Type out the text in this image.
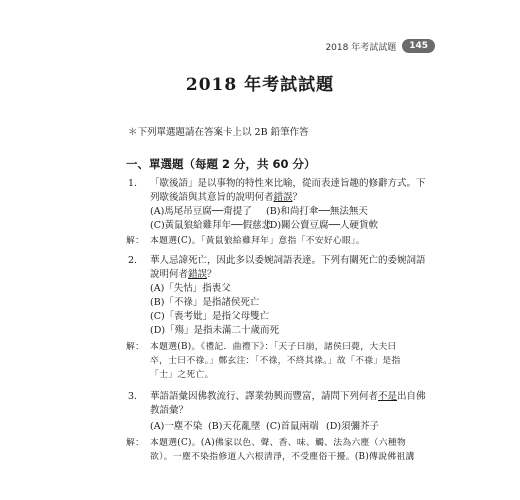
2018 年考試試題	145
2018 年考試試題
＊下列單選題請在答案卡上以 2B 鉛筆作答
一、單選題（每題 2 分，共 60 分）
1. 「歇後語」是以事物的特性來比喻，從而表達旨趣的修辭方式。下
列歇後語與其意旨的說明何者錯誤？
(A)馬尾吊豆腐──甭提了 (B)和尚打傘──無法無天
(C)黃鼠狼給雞拜年──假慈悲
(D)關公賣豆腐──人硬貨軟
解： 本題選(C)。「黃鼠狼給雞拜年」意指「不安好心眼」。
2. 華人忌諱死亡，因此多以委婉詞語表達。下列有關死亡的委婉詞語
說明何者錯誤？
(A)「失怙」指喪父
(B)「不祿」是指諸侯死亡
(C)「喪考妣」是指父母雙亡
(D)「殤」是指未滿二十歲而死
解： 本題選(B)。《禮記．曲禮下》：「天子曰崩，諸侯曰薨，大夫曰
卒，士曰不祿。」鄭玄注：「不祿，不終其祿。」故「不祿」是指
「士」之死亡。
3. 華語語彙因佛教流行、譯業勃興而豐富，請問下列何者不是出自佛
教語彙？
(A)一塵不染 (B)天花亂墜 (C)首鼠兩端 (D)須彌芥子
解： 本題選(C)。(A)佛家以色、聲、香、味、觸、法為六塵（六種物
欲）。一塵不染指修道人六根清淨，不受塵俗干擾。(B)傳說佛祖講
